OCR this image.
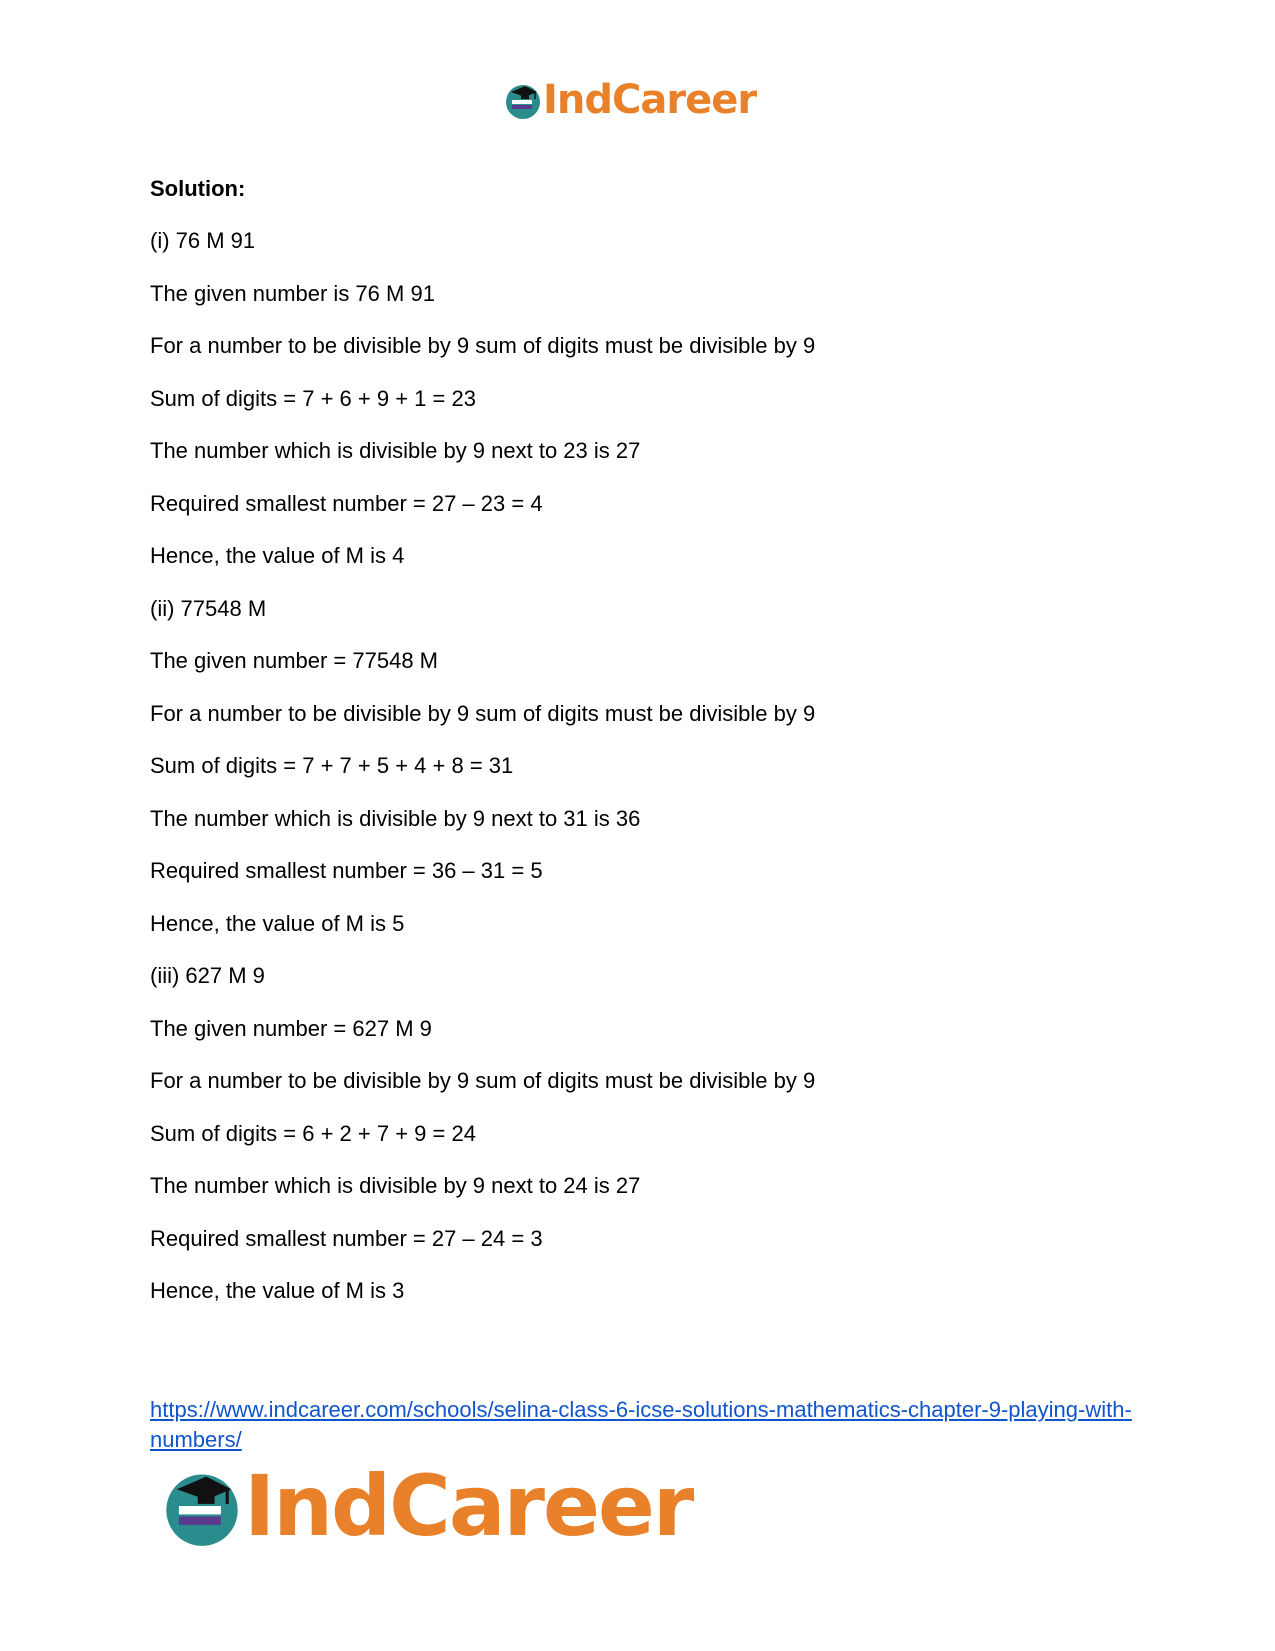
IndCareer

Solution:

(i) 76 M 91

The given number is 76 M 91

For a number to be divisible by 9 sum of digits must be divisible by 9

Sum of digits = 7 + 6 + 9 + 1 = 23

The number which is divisible by 9 next to 23 is 27

Required smallest number = 27 – 23 = 4

Hence, the value of M is 4

(ii) 77548 M

The given number = 77548 M

For a number to be divisible by 9 sum of digits must be divisible by 9

Sum of digits = 7 + 7 + 5 + 4 + 8 = 31

The number which is divisible by 9 next to 31 is 36

Required smallest number = 36 – 31 = 5

Hence, the value of M is 5

(iii) 627 M 9

The given number = 627 M 9

For a number to be divisible by 9 sum of digits must be divisible by 9

Sum of digits = 6 + 2 + 7 + 9 = 24

The number which is divisible by 9 next to 24 is 27

Required smallest number = 27 – 24 = 3

Hence, the value of M is 3

https://www.indcareer.com/schools/selina-class-6-icse-solutions-mathematics-chapter-9-playing-with-numbers/
IndCareer
